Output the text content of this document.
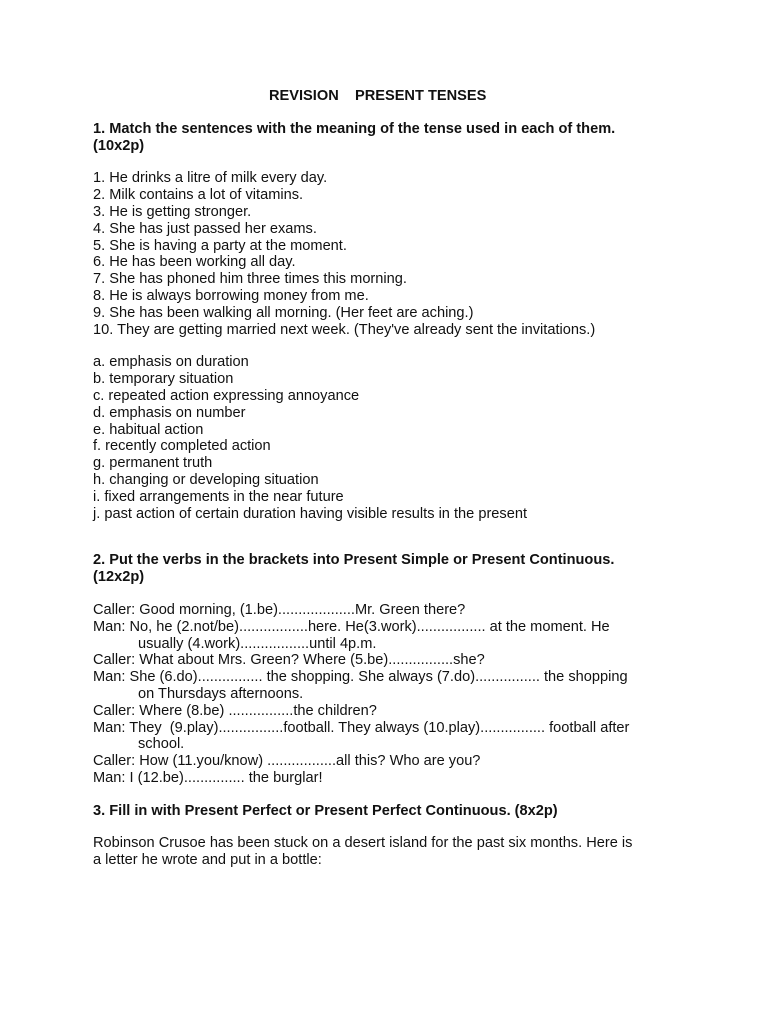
REVISION    PRESENT TENSES
1. Match the sentences with the meaning of the tense used in each of them.
(10x2p)
1. He drinks a litre of milk every day.
2. Milk contains a lot of vitamins.
3. He is getting stronger.
4. She has just passed her exams.
5. She is having a party at the moment.
6. He has been working all day.
7. She has phoned him three times this morning.
8. He is always borrowing money from me.
9. She has been walking all morning. (Her feet are aching.)
10. They are getting married next week. (They've already sent the invitations.)
a. emphasis on duration
b. temporary situation
c. repeated action expressing annoyance
d. emphasis on number
e. habitual action
f. recently completed action
g. permanent truth
h. changing or developing situation
i. fixed arrangements in the near future
j. past action of certain duration having visible results in the present
2. Put the verbs in the brackets into Present Simple or Present Continuous.
(12x2p)
Caller: Good morning, (1.be)...................Mr. Green there?
Man: No, he (2.not/be).................here. He(3.work)................. at the moment. He
usually (4.work).................until 4p.m.
Caller: What about Mrs. Green? Where (5.be)................she?
Man: She (6.do)................ the shopping. She always (7.do)................ the shopping
on Thursdays afternoons.
Caller: Where (8.be) ................the children?
Man: They  (9.play)................football. They always (10.play)................ football after
school.
Caller: How (11.you/know) .................all this? Who are you?
Man: I (12.be)............... the burglar!
3. Fill in with Present Perfect or Present Perfect Continuous. (8x2p)
Robinson Crusoe has been stuck on a desert island for the past six months. Here is
a letter he wrote and put in a bottle:
